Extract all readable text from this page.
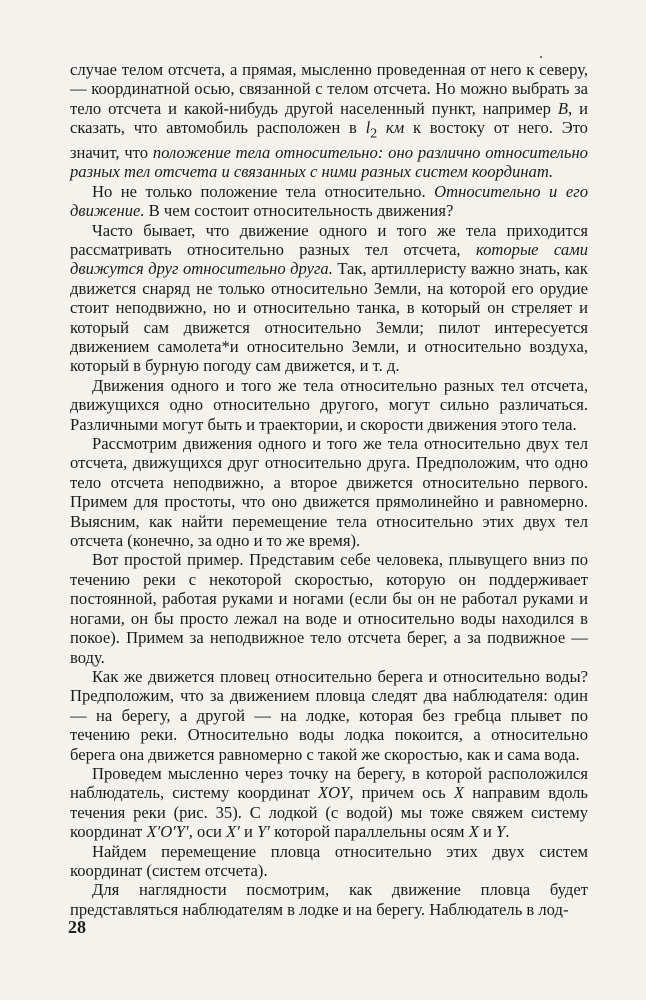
случае телом отсчета, а прямая, мысленно проведенная от него к северу, — координатной осью, связанной с телом отсчета. Но можно выбрать за тело отсчета и какой-нибудь другой населенный пункт, например B, и сказать, что автомобиль расположен в $l_2$ км к востоку от него. Это значит, что положение тела относительно: оно различно относительно разных тел отсчета и связанных с ними разных систем координат.

Но не только положение тела относительно. Относительно и его движение. В чем состоит относительность движения?

Часто бывает, что движение одного и того же тела приходится рассматривать относительно разных тел отсчета, которые сами движутся друг относительно друга. Так, артиллеристу важно знать, как движется снаряд не только относительно Земли, на которой его орудие стоит неподвижно, но и относительно танка, в который он стреляет и который сам движется относительно Земли; пилот интересуется движением самолета*и относительно Земли, и относительно воздуха, который в бурную погоду сам движется, и т. д.

Движения одного и того же тела относительно разных тел отсчета, движущихся одно относительно другого, могут сильно различаться. Различными могут быть и траектории, и скорости движения этого тела.

Рассмотрим движения одного и того же тела относительно двух тел отсчета, движущихся друг относительно друга. Предположим, что одно тело отсчета неподвижно, а второе движется относительно первого. Примем для простоты, что оно движется прямолинейно и равномерно. Выясним, как найти перемещение тела относительно этих двух тел отсчета (конечно, за одно и то же время).

Вот простой пример. Представим себе человека, плывущего вниз по течению реки с некоторой скоростью, которую он поддерживает постоянной, работая руками и ногами (если бы он не работал руками и ногами, он бы просто лежал на воде и относительно воды находился в покое). Примем за неподвижное тело отсчета берег, а за подвижное — воду.

Как же движется пловец относительно берега и относительно воды? Предположим, что за движением пловца следят два наблюдателя: один — на берегу, а другой — на лодке, которая без гребца плывет по течению реки. Относительно воды лодка покоится, а относительно берега она движется равномерно с такой же скоростью, как и сама вода.

Проведем мысленно через точку на берегу, в которой расположился наблюдатель, систему координат XOY, причем ось X направим вдоль течения реки (рис. 35). С лодкой (с водой) мы тоже свяжем систему координат X′O′Y′, оси X′ и Y′ которой параллельны осям X и Y.

Найдем перемещение пловца относительно этих двух систем координат (систем отсчета).

Для наглядности посмотрим, как движение пловца будет представляться наблюдателям в лодке и на берегу. Наблюдатель в лод-

28
